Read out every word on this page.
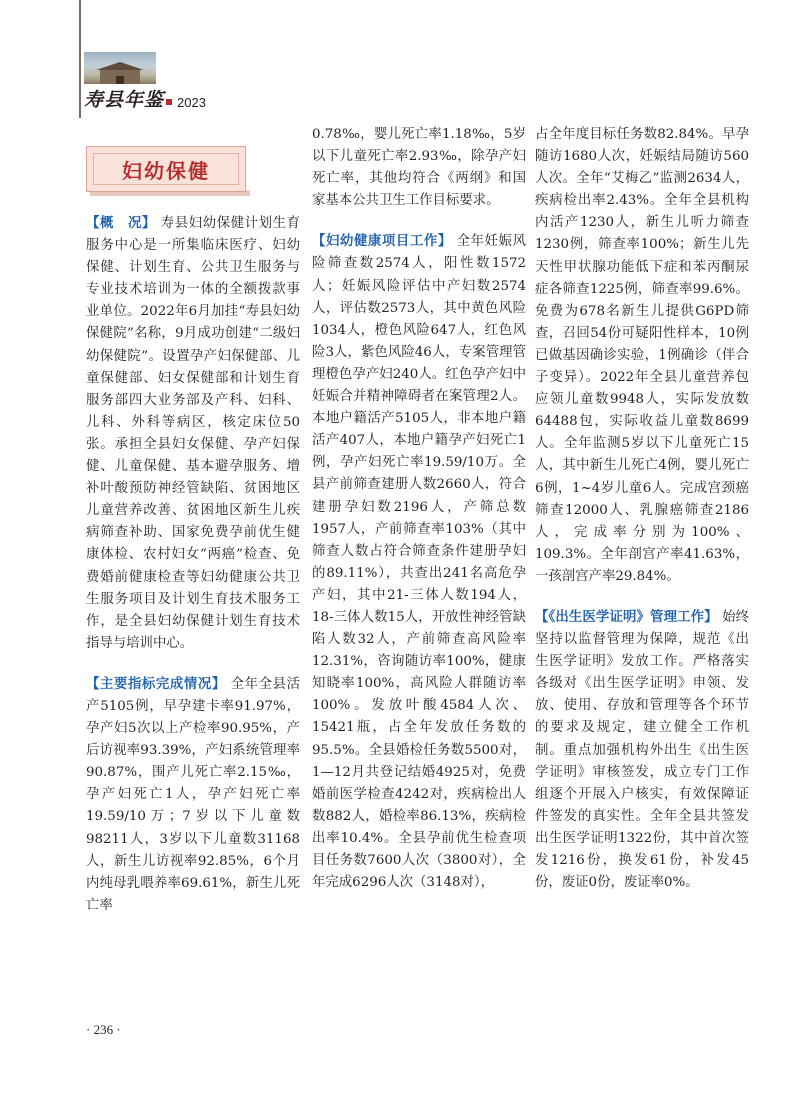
寿县年鉴 2023
妇幼保健

【概　况】 寿县妇幼保健计划生育服务中心是一所集临床医疗、妇幼保健、计划生育、公共卫生服务与专业技术培训为一体的全额拨款事业单位。2022年6月加挂“寿县妇幼保健院”名称，9月成功创建“二级妇幼保健院”。设置孕产妇保健部、儿童保健部、妇女保健部和计划生育服务部四大业务部及产科、妇科、儿科、外科等病区，核定床位50张。承担全县妇女保健、孕产妇保健、儿童保健、基本避孕服务、增补叶酸预防神经管缺陷、贫困地区儿童营养改善、贫困地区新生儿疾病筛查补助、国家免费孕前优生健康体检、农村妇女“两癌”检查、免费婚前健康检查等妇幼健康公共卫生服务项目及计划生育技术服务工作，是全县妇幼保健计划生育技术指导与培训中心。

【主要指标完成情况】 全年全县活产5105例，早孕建卡率91.97%，孕产妇5次以上产检率90.95%，产后访视率93.39%，产妇系统管理率90.87%，围产儿死亡率2.15‰，孕产妇死亡1人，孕产妇死亡率19.59/10万；7岁以下儿童数98211人，3岁以下儿童数31168人，新生儿访视率92.85%，6个月内纯母乳喂养率69.61%，新生儿死亡率

0.78‰，婴儿死亡率1.18‰，5岁以下儿童死亡率2.93‰，除孕产妇死亡率，其他均符合《两纲》和国家基本公共卫生工作目标要求。

【妇幼健康项目工作】 全年妊娠风险筛查数2574人，阳性数1572人；妊娠风险评估中产妇数2574人，评估数2573人，其中黄色风险1034人，橙色风险647人，红色风险3人，紫色风险46人，专案管理管理橙色孕产妇240人。红色孕产妇中妊娠合并精神障碍者在案管理2人。本地户籍活产5105人，非本地户籍活产407人，本地户籍孕产妇死亡1例，孕产妇死亡率19.59/10万。全县产前筛查建册人数2660人，符合建册孕妇数2196人，产筛总数1957人，产前筛查率103%（其中筛查人数占符合筛查条件建册孕妇的89.11%），共查出241名高危孕产妇，其中21-三体人数194人，18-三体人数15人，开放性神经管缺陷人数32人，产前筛查高风险率12.31%，咨询随访率100%，健康知晓率100%，高风险人群随访率100%。发放叶酸4584人次、15421瓶，占全年发放任务数的95.5%。全县婚检任务数5500对，1—12月共登记结婚4925对，免费婚前医学检查4242对，疾病检出人数882人，婚检率86.13%，疾病检出率10.4%。全县孕前优生检查项目任务数7600人次（3800对），全年完成6296人次（3148对），

占全年度目标任务数82.84%。早孕随访1680人次，妊娠结局随访560人次。全年“艾梅乙”监测2634人，疾病检出率2.43%。全年全县机构内活产1230人，新生儿听力筛查1230例，筛查率100%；新生儿先天性甲状腺功能低下症和苯丙酮尿症各筛查1225例，筛查率99.6%。免费为678名新生儿提供G6PD筛查，召回54份可疑阳性样本，10例已做基因确诊实验，1例确诊（伴合子变异）。2022年全县儿童营养包应领儿童数9948人，实际发放数64488包，实际收益儿童数8699人。全年监测5岁以下儿童死亡15人，其中新生儿死亡4例，婴儿死亡6例，1~4岁儿童6人。完成宫颈癌筛查12000人、乳腺癌筛查2186人，完成率分别为100%、109.3%。全年剖宫产率41.63%，一孩剖宫产率29.84%。

【《出生医学证明》管理工作】 始终坚持以监督管理为保障，规范《出生医学证明》发放工作。严格落实各级对《出生医学证明》申领、发放、使用、存放和管理等各个环节的要求及规定，建立健全工作机制。重点加强机构外出生《出生医学证明》审核签发，成立专门工作组逐个开展入户核实，有效保障证件签发的真实性。全年全县共签发出生医学证明1322份，其中首次签发1216份，换发61份，补发45份，废证0份，废证率0%。

· 236 ·
